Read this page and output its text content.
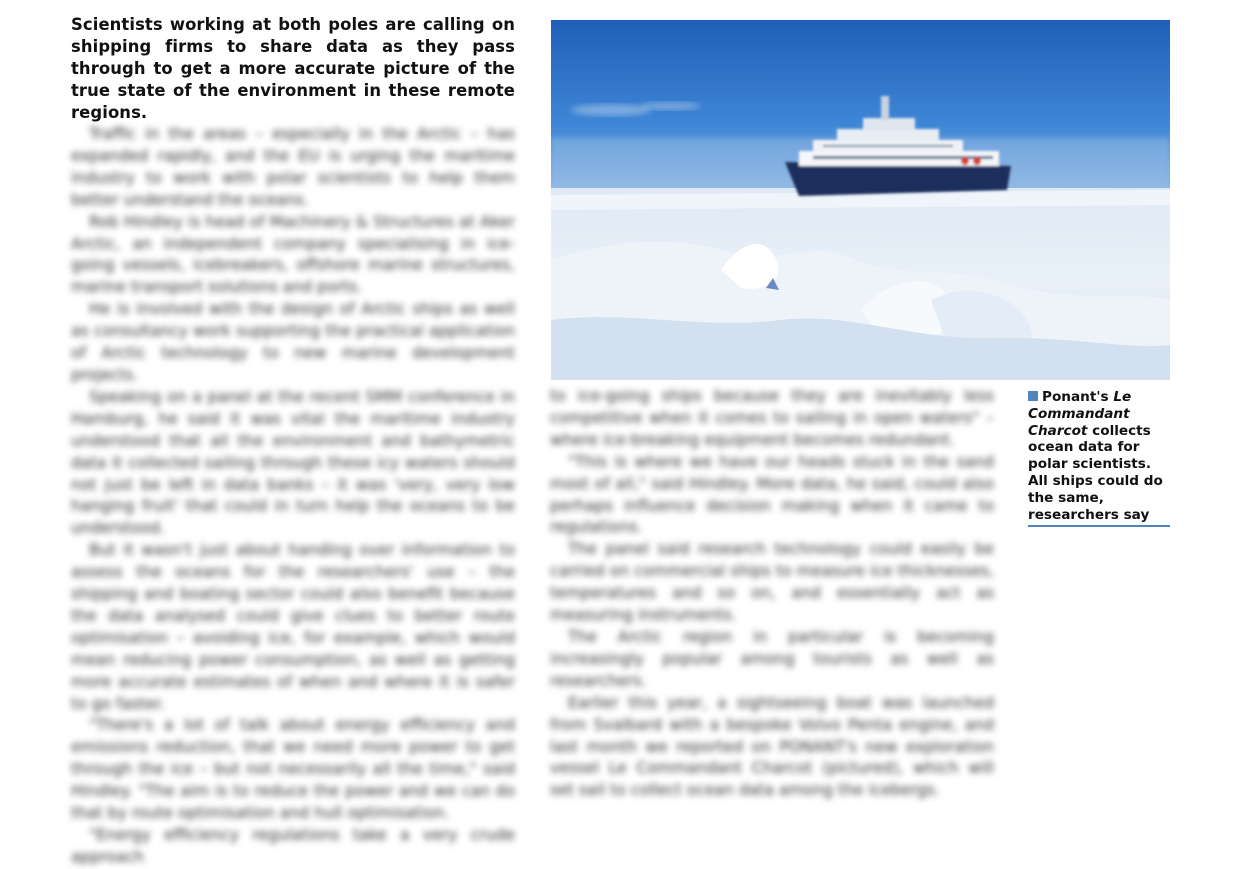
Scientists working at both poles are calling on shipping firms to share data as they pass through to get a more accurate picture of the true state of the environment in these remote regions.

Traffic in the areas – especially in the Arctic – has expanded rapidly, and the EU is urging the maritime industry to work with polar scientists to help them better understand the oceans.

Rob Hindley is head of Machinery & Structures at Aker Arctic, an independent company specialising in ice-going vessels, icebreakers, offshore marine structures, marine transport solutions and ports.

He is involved with the design of Arctic ships as well as consultancy work supporting the practical application of Arctic technology to new marine development projects.

Speaking on a panel at the recent SMM conference in Hamburg, he said it was vital the maritime industry understood that all the environment and bathymetric data it collected sailing through these icy waters should not just be left in data banks – it was 'very, very low hanging fruit' that could in turn help the oceans to be understood.

But it wasn't just about handing over information to assess the oceans for the researchers' use – the shipping and boating sector could also benefit because the data analysed could give clues to better route optimisation – avoiding ice, for example, which would mean reducing power consumption, as well as getting more accurate estimates of when and where it is safer to go faster.

"There's a lot of talk about energy efficiency and emissions reduction, that we need more power to get through the ice – but not necessarily all the time," said Hindley. "The aim is to reduce the power and we can do that by route optimisation and hull optimisation.

"Energy efficiency regulations take a very crude approach

to ice-going ships because they are inevitably less competitive when it comes to sailing in open waters" – where ice-breaking equipment becomes redundant.

"This is where we have our heads stuck in the sand most of all," said Hindley. More data, he said, could also perhaps influence decision making when it came to regulations.

The panel said research technology could easily be carried on commercial ships to measure ice thicknesses, temperatures and so on, and essentially act as measuring instruments.

The Arctic region in particular is becoming increasingly popular among tourists as well as researchers.

Earlier this year, a sightseeing boat was launched from Svalbard with a bespoke Volvo Penta engine, and last month we reported on PONANT's new exploration vessel Le Commandant Charcot (pictured), which will set sail to collect ocean data among the icebergs.

Ponant's Le Commandant Charcot collects ocean data for polar scientists. All ships could do the same, researchers say
